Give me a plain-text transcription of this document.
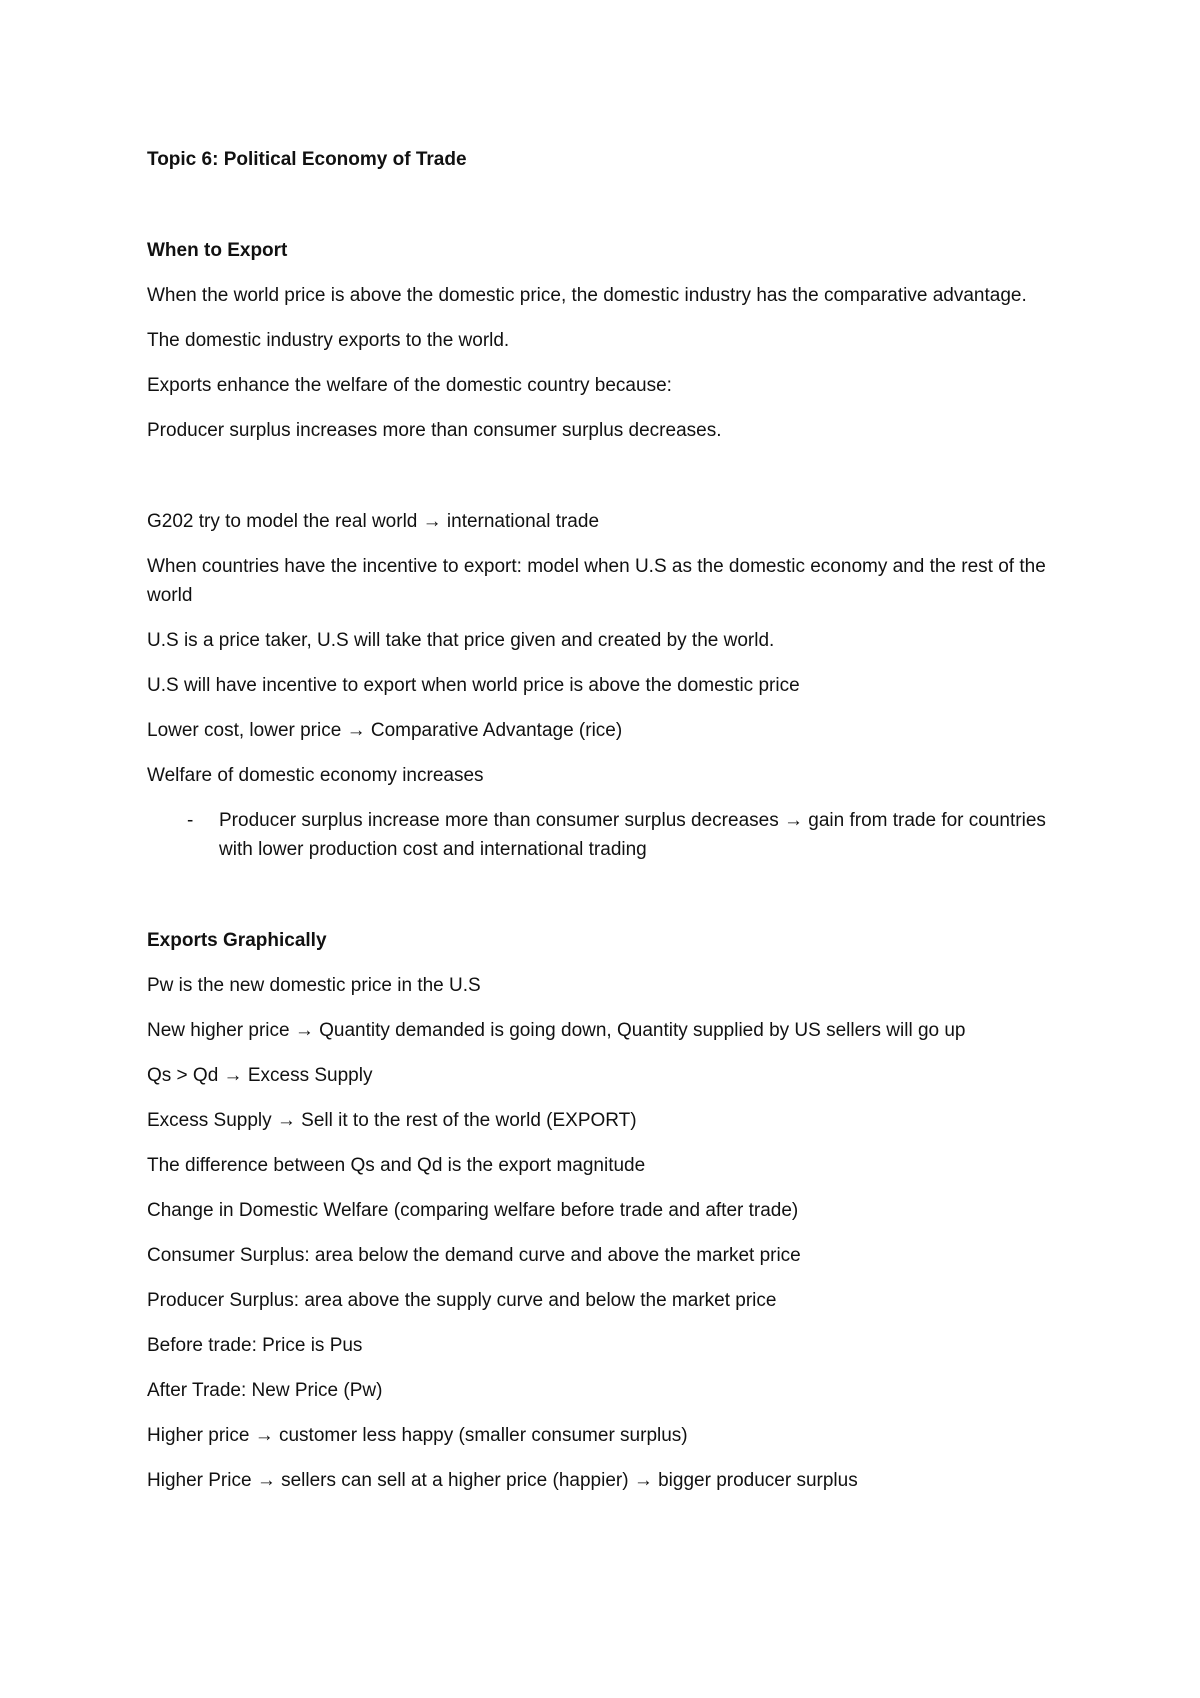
Topic 6: Political Economy of Trade

When to Export

When the world price is above the domestic price, the domestic industry has the comparative advantage.

The domestic industry exports to the world.

Exports enhance the welfare of the domestic country because:

Producer surplus increases more than consumer surplus decreases.

G202 try to model the real world → international trade

When countries have the incentive to export: model when U.S as the domestic economy and the rest of the world

U.S is a price taker, U.S will take that price given and created by the world.

U.S will have incentive to export when world price is above the domestic price

Lower cost, lower price → Comparative Advantage (rice)

Welfare of domestic economy increases

- Producer surplus increase more than consumer surplus decreases → gain from trade for countries with lower production cost and international trading

Exports Graphically

Pw is the new domestic price in the U.S

New higher price → Quantity demanded is going down, Quantity supplied by US sellers will go up

Qs > Qd → Excess Supply

Excess Supply → Sell it to the rest of the world (EXPORT)

The difference between Qs and Qd is the export magnitude

Change in Domestic Welfare (comparing welfare before trade and after trade)

Consumer Surplus: area below the demand curve and above the market price

Producer Surplus: area above the supply curve and below the market price

Before trade: Price is Pus

After Trade: New Price (Pw)

Higher price → customer less happy (smaller consumer surplus)

Higher Price → sellers can sell at a higher price (happier) → bigger producer surplus
